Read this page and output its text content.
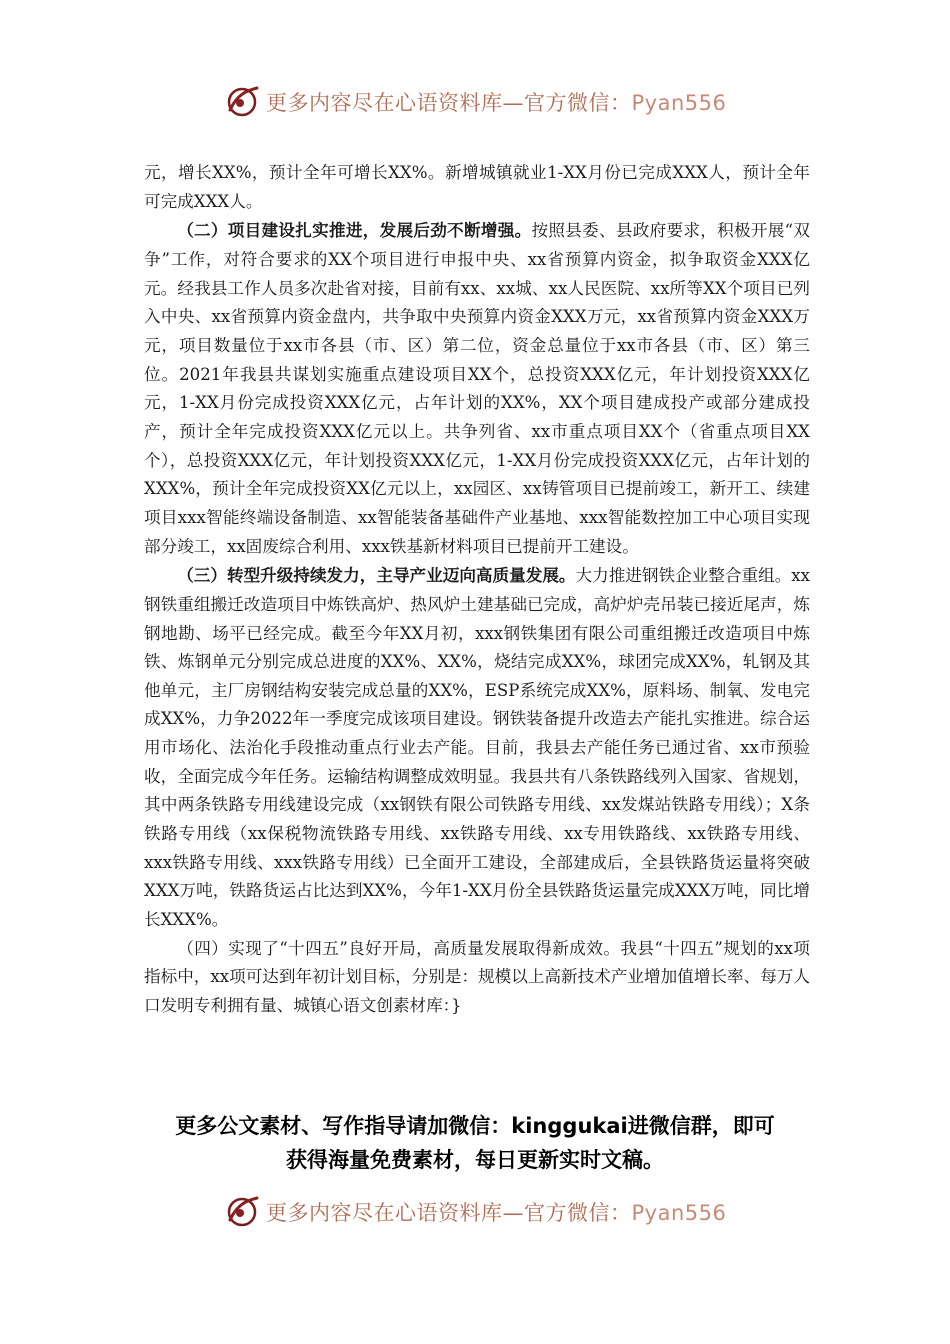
更多内容尽在心语资料库—官方微信：Pyan556

元，增长XX%，预计全年可增长XX%。新增城镇就业1-XX月份已完成XXX人，预计全年可完成XXX人。

（二）项目建设扎实推进，发展后劲不断增强。按照县委、县政府要求，积极开展“双争”工作，对符合要求的XX个项目进行申报中央、xx省预算内资金，拟争取资金XXX亿元。经我县工作人员多次赴省对接，目前有xx、xx城、xx人民医院、xx所等XX个项目已列入中央、xx省预算内资金盘内，共争取中央预算内资金XXX万元，xx省预算内资金XXX万元，项目数量位于xx市各县（市、区）第二位，资金总量位于xx市各县（市、区）第三位。2021年我县共谋划实施重点建设项目XX个，总投资XXX亿元，年计划投资XXX亿元，1-XX月份完成投资XXX亿元，占年计划的XX%，XX个项目建成投产或部分建成投产，预计全年完成投资XXX亿元以上。共争列省、xx市重点项目XX个（省重点项目XX个），总投资XXX亿元，年计划投资XXX亿元，1-XX月份完成投资XXX亿元，占年计划的XXX%，预计全年完成投资XX亿元以上，xx园区、xx铸管项目已提前竣工，新开工、续建项目xxx智能终端设备制造、xx智能装备基础件产业基地、xxx智能数控加工中心项目实现部分竣工，xx固废综合利用、xxx铁基新材料项目已提前开工建设。

（三）转型升级持续发力，主导产业迈向高质量发展。大力推进钢铁企业整合重组。xx钢铁重组搬迁改造项目中炼铁高炉、热风炉土建基础已完成，高炉炉壳吊装已接近尾声，炼钢地勘、场平已经完成。截至今年XX月初，xxx钢铁集团有限公司重组搬迁改造项目中炼铁、炼钢单元分别完成总进度的XX%、XX%，烧结完成XX%，球团完成XX%，轧钢及其他单元，主厂房钢结构安装完成总量的XX%，ESP系统完成XX%，原料场、制氧、发电完成XX%，力争2022年一季度完成该项目建设。钢铁装备提升改造去产能扎实推进。综合运用市场化、法治化手段推动重点行业去产能。目前，我县去产能任务已通过省、xx市预验收，全面完成今年任务。运输结构调整成效明显。我县共有八条铁路线列入国家、省规划，其中两条铁路专用线建设完成（xx钢铁有限公司铁路专用线、xx发煤站铁路专用线）；X条铁路专用线（xx保税物流铁路专用线、xx铁路专用线、xx专用铁路线、xx铁路专用线、xxx铁路专用线、xxx铁路专用线）已全面开工建设，全部建成后，全县铁路货运量将突破XXX万吨，铁路货运占比达到XX%，今年1-XX月份全县铁路货运量完成XXX万吨，同比增长XXX%。

（四）实现了“十四五”良好开局，高质量发展取得新成效。我县“十四五”规划的xx项指标中，xx项可达到年初计划目标，分别是：规模以上高新技术产业增加值增长率、每万人口发明专利拥有量、城镇心语文创素材库：}

更多公文素材、写作指导请加微信：kinggukai进微信群，即可
获得海量免费素材，每日更新实时文稿。
更多内容尽在心语资料库—官方微信：Pyan556
